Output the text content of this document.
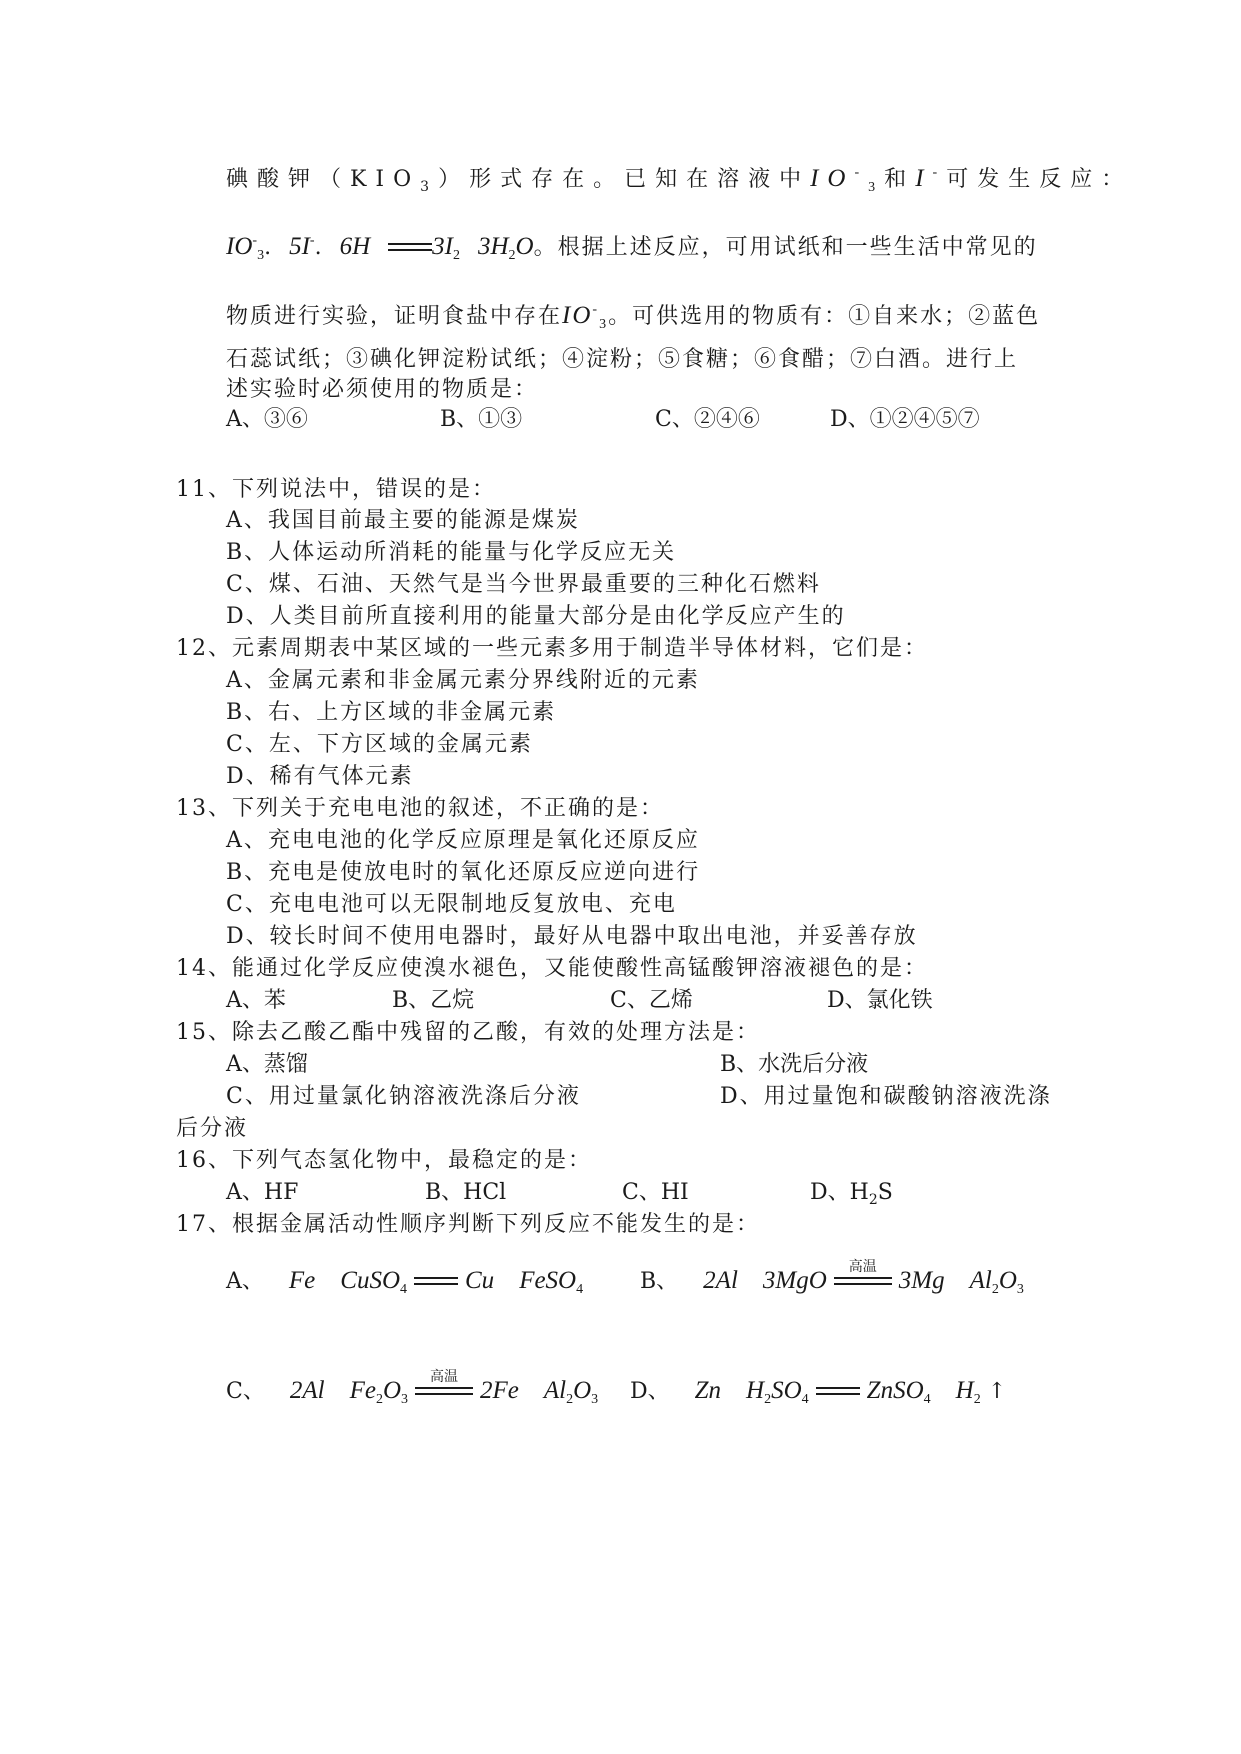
碘酸钾$(KIO_3)$形式存在。已知在溶液中$IO^-_3$和I-可发生反应：
$IO^-_3$. 5I-. 6H $3I_2$ $3H_2O$。根据上述反应，可用试纸和一些生活中常见的
物质进行实验，证明食盐中存在$IO^-_3$。可供选用的物质有：①自来水；②蓝色
石蕊试纸；③碘化钾淀粉试纸；④淀粉；⑤食糖；⑥食醋；⑦白酒。进行上
述实验时必须使用的物质是：
A、③⑥	B、①③	C、②④⑥	D、①②④⑤⑦
11、下列说法中，错误的是：
A、我国目前最主要的能源是煤炭
B、人体运动所消耗的能量与化学反应无关
C、煤、石油、天然气是当今世界最重要的三种化石燃料
D、人类目前所直接利用的能量大部分是由化学反应产生的
12、元素周期表中某区域的一些元素多用于制造半导体材料，它们是：
A、金属元素和非金属元素分界线附近的元素
B、右、上方区域的非金属元素
C、左、下方区域的金属元素
D、稀有气体元素
13、下列关于充电电池的叙述，不正确的是：
A、充电电池的化学反应原理是氧化还原反应
B、充电是使放电时的氧化还原反应逆向进行
C、充电电池可以无限制地反复放电、充电
D、较长时间不使用电器时，最好从电器中取出电池，并妥善存放
14、能通过化学反应使溴水褪色，又能使酸性高锰酸钾溶液褪色的是：
A、苯	B、乙烷	C、乙烯	D、氯化铁
15、除去乙酸乙酯中残留的乙酸，有效的处理方法是：
A、蒸馏	B、水洗后分液
C、用过量氯化钠溶液洗涤后分液	D、用过量饱和碳酸钠溶液洗涤
后分液
16、下列气态氢化物中，最稳定的是：
A、HF	B、HCl	C、HI	D、$H_2S$
17、根据金属活动性顺序判断下列反应不能发生的是：
A、 Fe CuSO$_4$ Cu FeSO$_4$	B、 2Al 3MgO	高温 3Mg $Al_2O_3$
C、 2Al $Fe_2O_3$
高温 2Fe $Al_2O_3$ D、 Zn $H_2SO_4$ ZnSO$_4$ $H_2$ ↑
